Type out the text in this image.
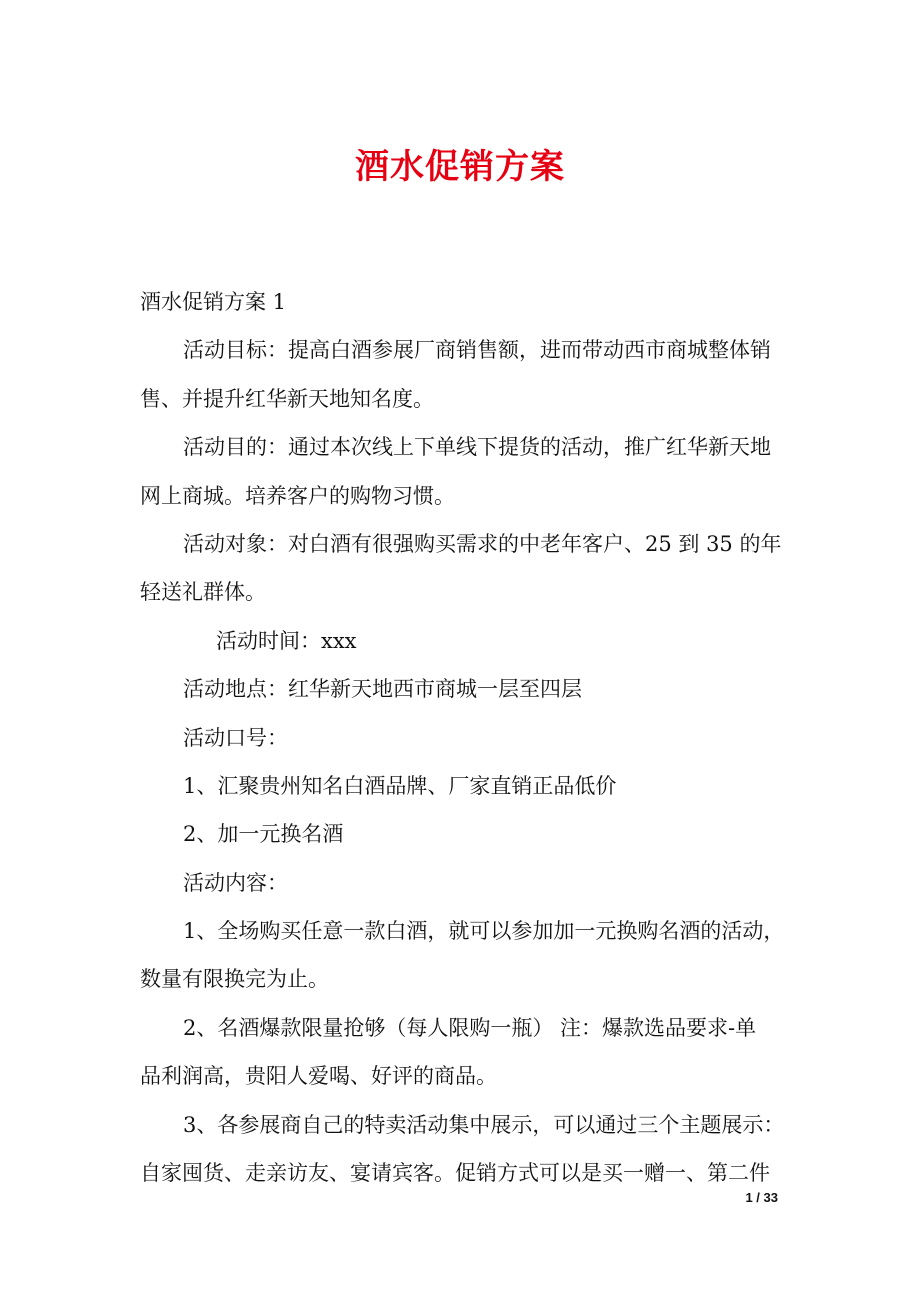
酒水促销方案
酒水促销方案 1
活动目标：提高白酒参展厂商销售额，进而带动西市商城整体销
售、并提升红华新天地知名度。
活动目的：通过本次线上下单线下提货的活动，推广红华新天地
网上商城。培养客户的购物习惯。
活动对象：对白酒有很强购买需求的中老年客户、25 到 35 的年
轻送礼群体。
活动时间：xxx
活动地点：红华新天地西市商城一层至四层
活动口号：
1、汇聚贵州知名白酒品牌、厂家直销正品低价
2、加一元换名酒
活动内容：
1、全场购买任意一款白酒，就可以参加加一元换购名酒的活动，
数量有限换完为止。
2、名酒爆款限量抢够（每人限购一瓶） 注：爆款选品要求-单
品利润高，贵阳人爱喝、好评的商品。
3、各参展商自己的特卖活动集中展示，可以通过三个主题展示：
自家囤货、走亲访友、宴请宾客。促销方式可以是买一赠一、第二件
1 / 33
